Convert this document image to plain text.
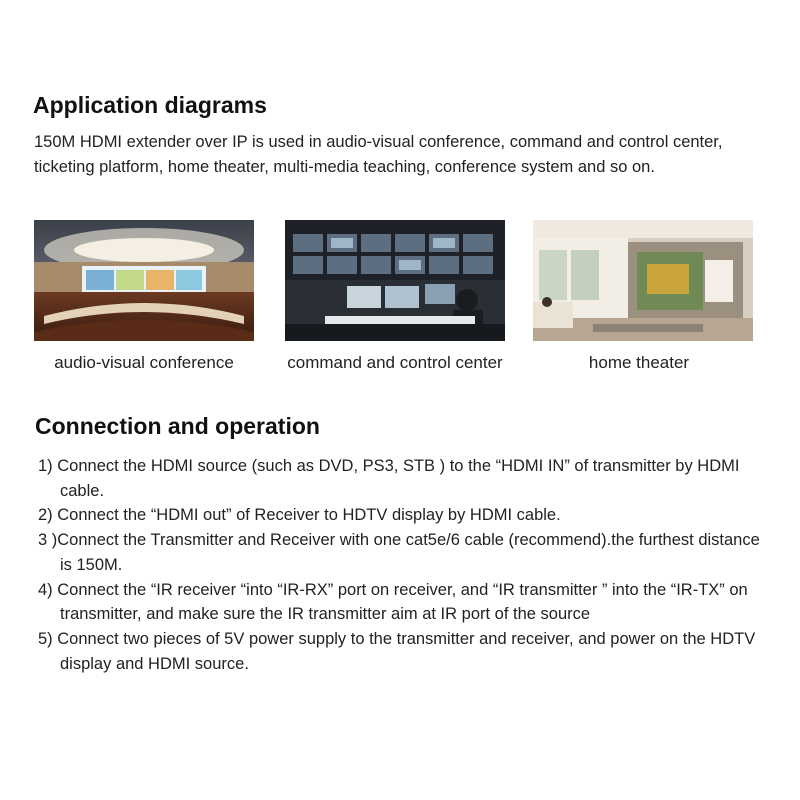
Application diagrams

150M HDMI extender over IP is used in audio-visual conference, command and control center, ticketing platform, home theater, multi-media teaching, conference system and so on.

audio-visual conference	command and control center	home theater
Connection and operation
1) Connect the HDMI source (such as DVD, PS3, STB ) to the “HDMI IN” of transmitter by HDMI cable.
2) Connect the “HDMI out” of Receiver to HDTV display by HDMI cable.
3 )Connect the Transmitter and Receiver with one cat5e/6 cable (recommend).the furthest distance is 150M.
4) Connect the “IR receiver “into “IR-RX” port on receiver, and “IR transmitter ” into the “IR-TX” on transmitter, and make sure the IR transmitter aim at IR port of the source
5) Connect two pieces of 5V power supply to the transmitter and receiver, and power on the HDTV display and HDMI source.
